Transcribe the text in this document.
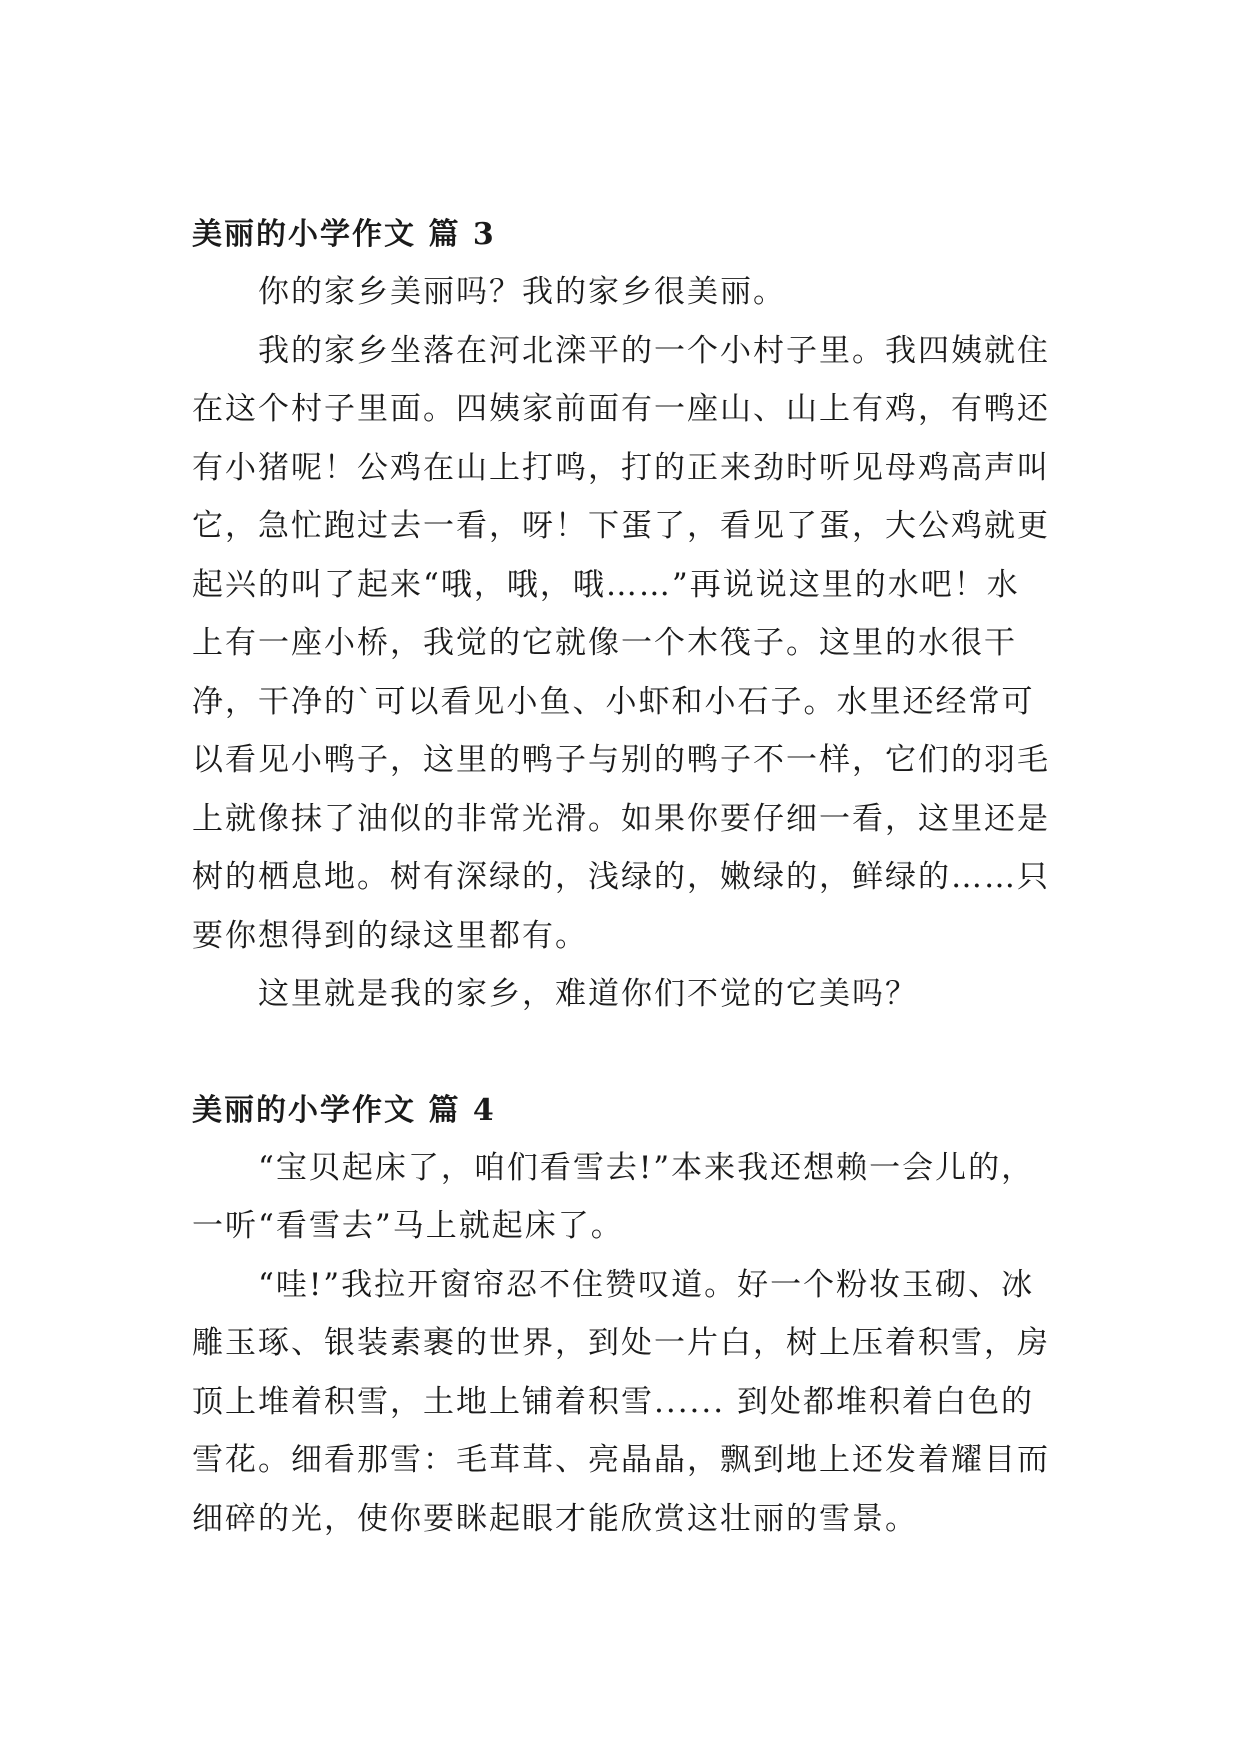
美丽的小学作文 篇 3

你的家乡美丽吗？我的家乡很美丽。

我的家乡坐落在河北滦平的一个小村子里。我四姨就住在这个村子里面。四姨家前面有一座山、山上有鸡，有鸭还有小猪呢！公鸡在山上打鸣，打的正来劲时听见母鸡高声叫它，急忙跑过去一看，呀！下蛋了，看见了蛋，大公鸡就更起兴的叫了起来“哦，哦，哦……”再说说这里的水吧！水上有一座小桥，我觉的它就像一个木筏子。这里的水很干净，干净的`可以看见小鱼、小虾和小石子。水里还经常可以看见小鸭子，这里的鸭子与别的鸭子不一样，它们的羽毛上就像抹了油似的非常光滑。如果你要仔细一看，这里还是树的栖息地。树有深绿的，浅绿的，嫩绿的，鲜绿的……只要你想得到的绿这里都有。

这里就是我的家乡，难道你们不觉的它美吗？

美丽的小学作文 篇 4

“宝贝起床了，咱们看雪去!”本来我还想赖一会儿的，一听“看雪去”马上就起床了。

“哇!”我拉开窗帘忍不住赞叹道。好一个粉妆玉砌、冰雕玉琢、银装素裹的世界，到处一片白，树上压着积雪，房顶上堆着积雪，土地上铺着积雪...... 到处都堆积着白色的雪花。细看那雪：毛茸茸、亮晶晶，飘到地上还发着耀目而细碎的光，使你要眯起眼才能欣赏这壮丽的雪景。
